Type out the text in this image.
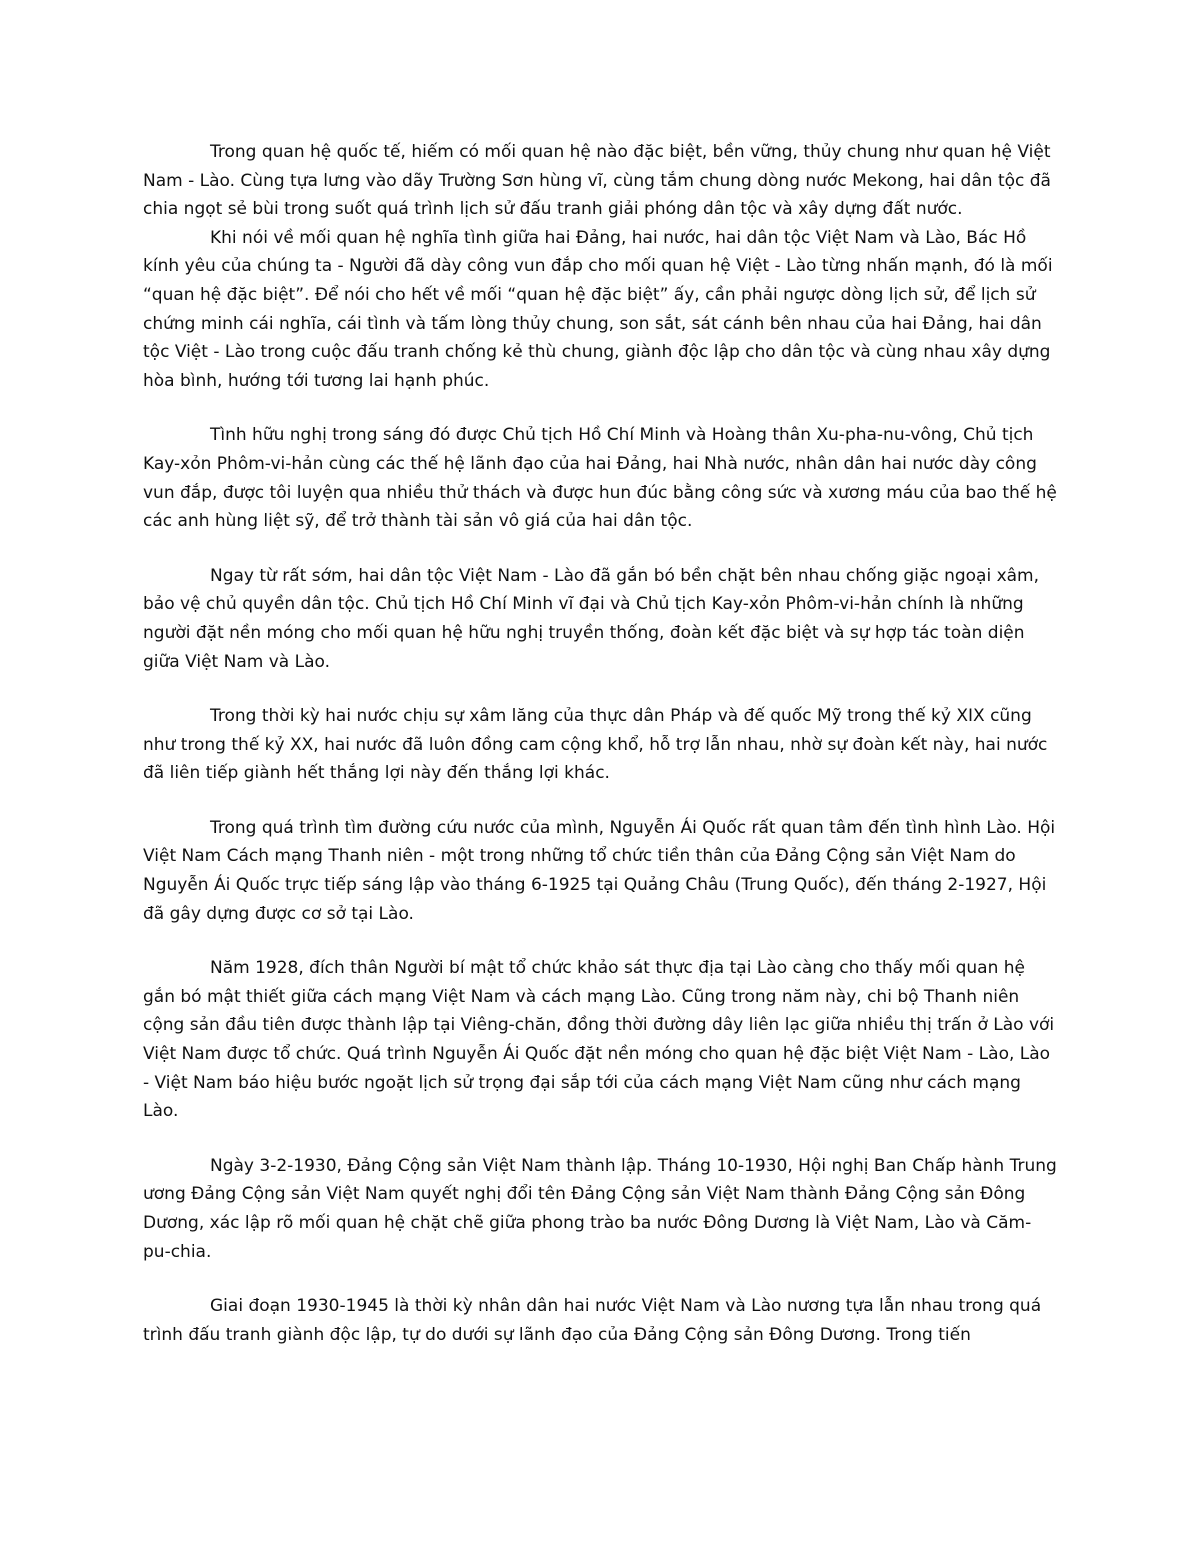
Trong quan hệ quốc tế, hiếm có mối quan hệ nào đặc biệt, bền vững, thủy chung như quan hệ Việt Nam - Lào. Cùng tựa lưng vào dãy Trường Sơn hùng vĩ, cùng tắm chung dòng nước Mekong, hai dân tộc đã chia ngọt sẻ bùi trong suốt quá trình lịch sử đấu tranh giải phóng dân tộc và xây dựng đất nước.

Khi nói về mối quan hệ nghĩa tình giữa hai Đảng, hai nước, hai dân tộc Việt Nam và Lào, Bác Hồ kính yêu của chúng ta - Người đã dày công vun đắp cho mối quan hệ Việt - Lào từng nhấn mạnh, đó là mối “quan hệ đặc biệt”. Để nói cho hết về mối “quan hệ đặc biệt” ấy, cần phải ngược dòng lịch sử, để lịch sử chứng minh cái nghĩa, cái tình và tấm lòng thủy chung, son sắt, sát cánh bên nhau của hai Đảng, hai dân tộc Việt - Lào trong cuộc đấu tranh chống kẻ thù chung, giành độc lập cho dân tộc và cùng nhau xây dựng hòa bình, hướng tới tương lai hạnh phúc.

Tình hữu nghị trong sáng đó được Chủ tịch Hồ Chí Minh và Hoàng thân Xu-pha-nu-vông, Chủ tịch Kay-xỏn Phôm-vi-hản cùng các thế hệ lãnh đạo của hai Đảng, hai Nhà nước, nhân dân hai nước dày công vun đắp, được tôi luyện qua nhiều thử thách và được hun đúc bằng công sức và xương máu của bao thế hệ các anh hùng liệt sỹ, để trở thành tài sản vô giá của hai dân tộc.

Ngay từ rất sớm, hai dân tộc Việt Nam - Lào đã gắn bó bền chặt bên nhau chống giặc ngoại xâm, bảo vệ chủ quyền dân tộc. Chủ tịch Hồ Chí Minh vĩ đại và Chủ tịch Kay-xỏn Phôm-vi-hản chính là những người đặt nền móng cho mối quan hệ hữu nghị truyền thống, đoàn kết đặc biệt và sự hợp tác toàn diện giữa Việt Nam và Lào.

Trong thời kỳ hai nước chịu sự xâm lăng của thực dân Pháp và đế quốc Mỹ trong thế kỷ XIX cũng như trong thế kỷ XX, hai nước đã luôn đồng cam cộng khổ, hỗ trợ lẫn nhau, nhờ sự đoàn kết này, hai nước đã liên tiếp giành hết thắng lợi này đến thắng lợi khác.

Trong quá trình tìm đường cứu nước của mình, Nguyễn Ái Quốc rất quan tâm đến tình hình Lào. Hội Việt Nam Cách mạng Thanh niên - một trong những tổ chức tiền thân của Đảng Cộng sản Việt Nam do Nguyễn Ái Quốc trực tiếp sáng lập vào tháng 6-1925 tại Quảng Châu (Trung Quốc), đến tháng 2-1927, Hội đã gây dựng được cơ sở tại Lào.

Năm 1928, đích thân Người bí mật tổ chức khảo sát thực địa tại Lào càng cho thấy mối quan hệ gắn bó mật thiết giữa cách mạng Việt Nam và cách mạng Lào. Cũng trong năm này, chi bộ Thanh niên cộng sản đầu tiên được thành lập tại Viêng-chăn, đồng thời đường dây liên lạc giữa nhiều thị trấn ở Lào với Việt Nam được tổ chức. Quá trình Nguyễn Ái Quốc đặt nền móng cho quan hệ đặc biệt Việt Nam - Lào, Lào - Việt Nam báo hiệu bước ngoặt lịch sử trọng đại sắp tới của cách mạng Việt Nam cũng như cách mạng Lào.

Ngày 3-2-1930, Đảng Cộng sản Việt Nam thành lập. Tháng 10-1930, Hội nghị Ban Chấp hành Trung ương Đảng Cộng sản Việt Nam quyết nghị đổi tên Đảng Cộng sản Việt Nam thành Đảng Cộng sản Đông Dương, xác lập rõ mối quan hệ chặt chẽ giữa phong trào ba nước Đông Dương là Việt Nam, Lào và Căm-pu-chia.

Giai đoạn 1930-1945 là thời kỳ nhân dân hai nước Việt Nam và Lào nương tựa lẫn nhau trong quá trình đấu tranh giành độc lập, tự do dưới sự lãnh đạo của Đảng Cộng sản Đông Dương. Trong tiến
